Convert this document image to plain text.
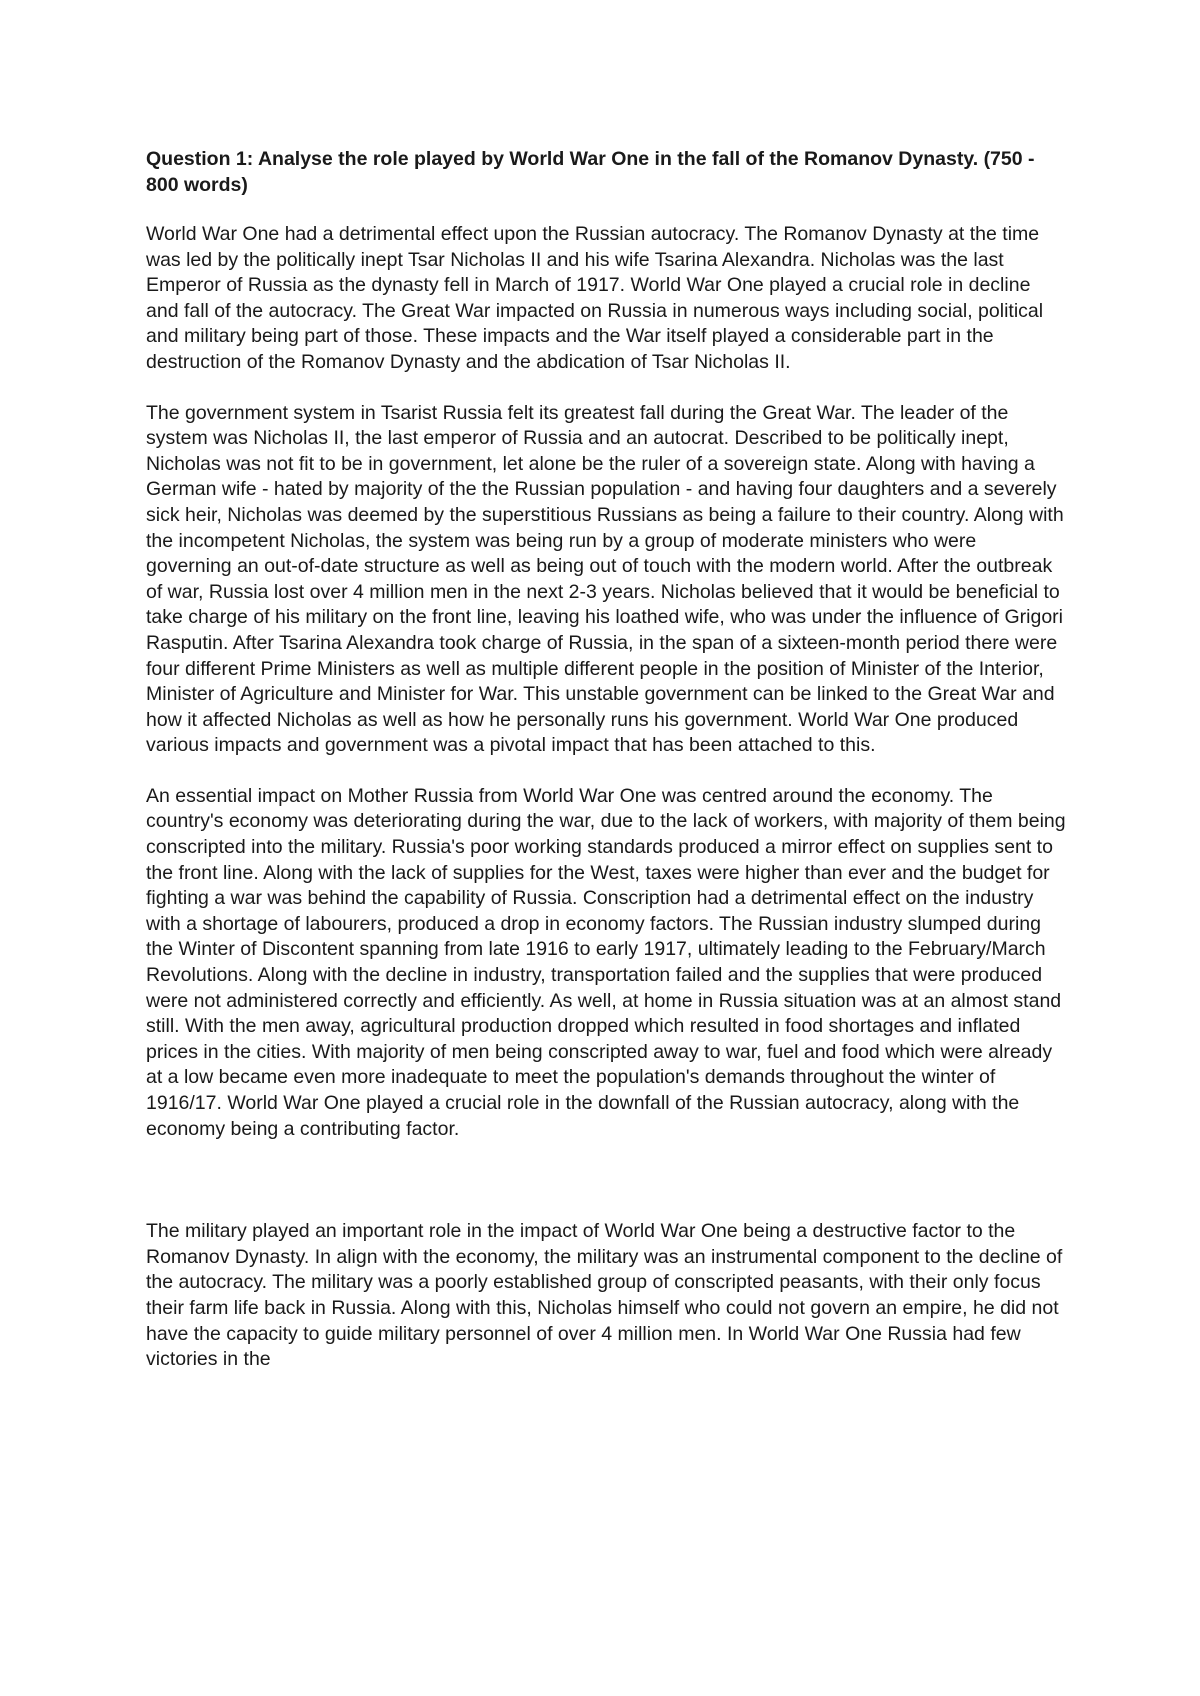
Question 1: Analyse the role played by World War One in the fall of the Romanov Dynasty. (750 - 800 words)

World War One had a detrimental effect upon the Russian autocracy. The Romanov Dynasty at the time was led by the politically inept Tsar Nicholas II and his wife Tsarina Alexandra. Nicholas was the last Emperor of Russia as the dynasty fell in March of 1917. World War One played a crucial role in decline and fall of the autocracy. The Great War impacted on Russia in numerous ways including social, political and military being part of those. These impacts and the War itself played a considerable part in the destruction of the Romanov Dynasty and the abdication of Tsar Nicholas II.

The government system in Tsarist Russia felt its greatest fall during the Great War. The leader of the system was Nicholas II, the last emperor of Russia and an autocrat. Described to be politically inept, Nicholas was not fit to be in government, let alone be the ruler of a sovereign state. Along with having a German wife - hated by majority of the the Russian population - and having four daughters and a severely sick heir, Nicholas was deemed by the superstitious Russians as being a failure to their country. Along with the incompetent Nicholas, the system was being run by a group of moderate ministers who were governing an out-of-date structure as well as being out of touch with the modern world. After the outbreak of war, Russia lost over 4 million men in the next 2-3 years. Nicholas believed that it would be beneficial to take charge of his military on the front line, leaving his loathed wife, who was under the influence of Grigori Rasputin. After Tsarina Alexandra took charge of Russia, in the span of a sixteen-month period there were four different Prime Ministers as well as multiple different people in the position of Minister of the Interior, Minister of Agriculture and Minister for War. This unstable government can be linked to the Great War and how it affected Nicholas as well as how he personally runs his government. World War One produced various impacts and government was a pivotal impact that has been attached to this.

An essential impact on Mother Russia from World War One was centred around the economy. The country's economy was deteriorating during the war, due to the lack of workers, with majority of them being conscripted into the military. Russia's poor working standards produced a mirror effect on supplies sent to the front line. Along with the lack of supplies for the West, taxes were higher than ever and the budget for fighting a war was behind the capability of Russia. Conscription had a detrimental effect on the industry with a shortage of labourers, produced a drop in economy factors. The Russian industry slumped during the Winter of Discontent spanning from late 1916 to early 1917, ultimately leading to the February/March Revolutions. Along with the decline in industry, transportation failed and the supplies that were produced were not administered correctly and efficiently. As well, at home in Russia situation was at an almost stand still. With the men away, agricultural production dropped which resulted in food shortages and inflated prices in the cities. With majority of men being conscripted away to war, fuel and food which were already at a low became even more inadequate to meet the population's demands throughout the winter of 1916/17. World War One played a crucial role in the downfall of the Russian autocracy, along with the economy being a contributing factor.

The military played an important role in the impact of World War One being a destructive factor to the Romanov Dynasty. In align with the economy, the military was an instrumental component to the decline of the autocracy. The military was a poorly established group of conscripted peasants, with their only focus their farm life back in Russia. Along with this, Nicholas himself who could not govern an empire, he did not have the capacity to guide military personnel of over 4 million men. In World War One Russia had few victories in the
